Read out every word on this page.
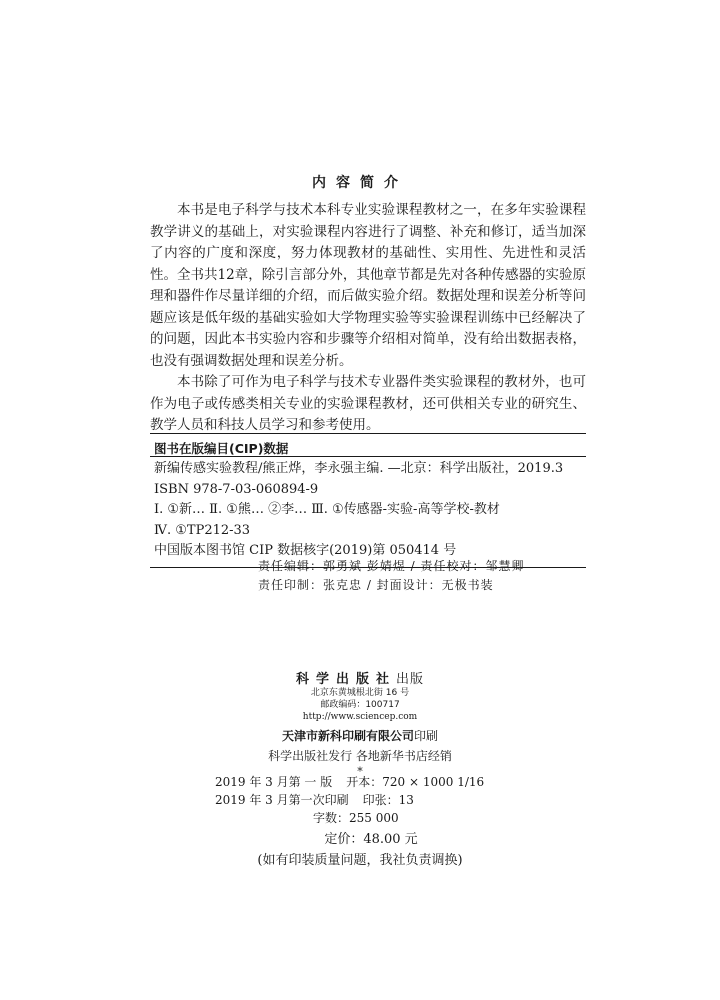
内容简介

本书是电子科学与技术本科专业实验课程教材之一，在多年实验课程教学讲义的基础上，对实验课程内容进行了调整、补充和修订，适当加深了内容的广度和深度，努力体现教材的基础性、实用性、先进性和灵活性。全书共12章，除引言部分外，其他章节都是先对各种传感器的实验原理和器件作尽量详细的介绍，而后做实验介绍。数据处理和误差分析等问题应该是低年级的基础实验如大学物理实验等实验课程训练中已经解决了的问题，因此本书实验内容和步骤等介绍相对简单，没有给出数据表格，也没有强调数据处理和误差分析。

本书除了可作为电子科学与技术专业器件类实验课程的教材外，也可作为电子或传感类相关专业的实验课程教材，还可供相关专业的研究生、教学人员和科技人员学习和参考使用。

图书在版编目(CIP)数据
新编传感实验教程/熊正烨，李永强主编. —北京：科学出版社，2019.3
ISBN 978-7-03-060894-9
Ⅰ. ①新… Ⅱ. ①熊… ②李… Ⅲ. ①传感器-实验-高等学校-教材
Ⅳ. ①TP212-33
中国版本图书馆 CIP 数据核字(2019)第 050414 号
责任编辑：郭勇斌 彭婧煜 / 责任校对：邹慧卿
责任印制：张克忠 / 封面设计：无极书装
科学出版社出版
北京东黄城根北街 16 号
邮政编码：100717
http://www.sciencep.com
天津市新科印刷有限公司印刷
科学出版社发行 各地新华书店经销
*
2019 年 3 月第 一 版 开本：720 × 1000 1/16
2019 年 3 月第一次印刷 印张：13
字数：255 000
定价：48.00 元
(如有印装质量问题，我社负责调换)
